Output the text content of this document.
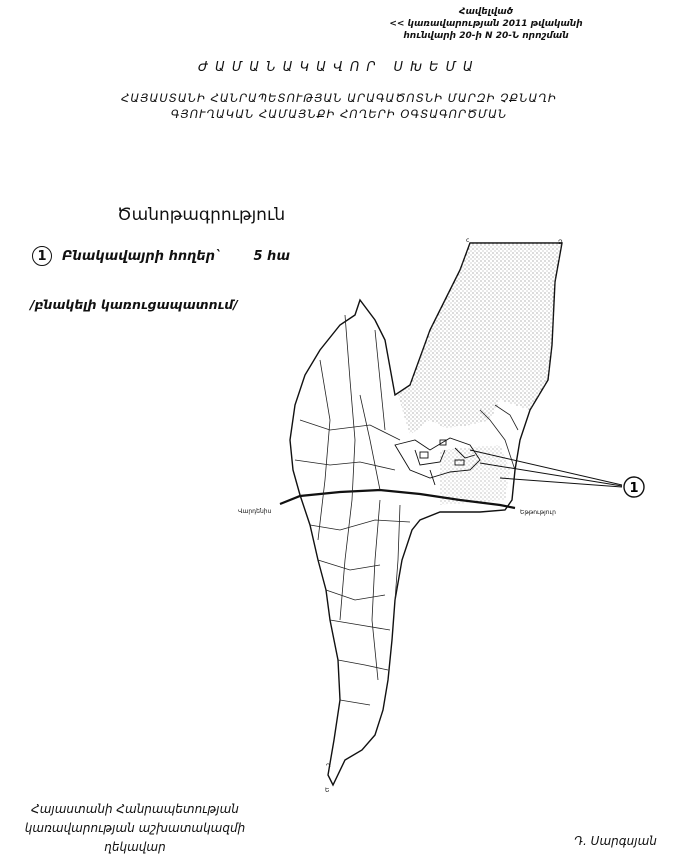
Հավելված
<< կառավարության 2011 թվականի
հունվարի 20-ի N 20-Ն որոշման
ԺԱՄԱՆԱԿԱՎՈՐ ՍԽԵՄԱ
ՀԱՅԱՍՏԱՆԻ ՀԱՆՐԱՊԵՏՈՒԹՅԱՆ ԱՐԱԳԱԾՈՏՆԻ ՄԱՐԶԻ ՉՔՆԱՂԻ
ԳՅՈՒՂԱԿԱՆ ՀԱՄԱՅՆՔԻ ՀՈՂԵՐԻ ՕԳՏԱԳՈՐԾՄԱՆ
Ծանոթագրություն
1	Բնակավայրի հողեր` 5 հա
/բնակելի կառուցապատում/
1
Վարդենիս	Եթթություր
c	Ձ
Դ
Ե
Հայաստանի Հանրապետության
կառավարության աշխատակազմի
ղեկավար	Դ. Սարգսյան
